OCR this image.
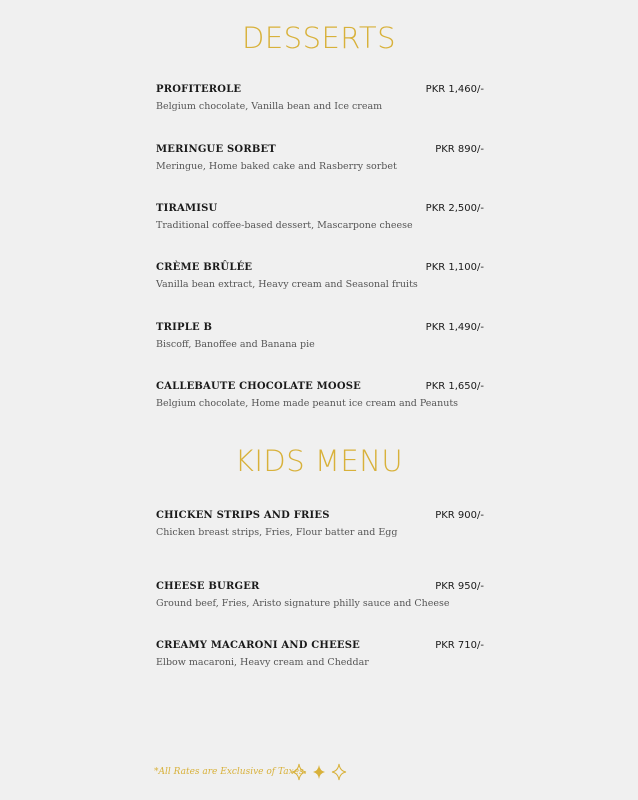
DESSERTS
PROFITEROLE	PKR 1,460/-
Belgium chocolate, Vanilla bean and Ice cream
MERINGUE SORBET	PKR 890/-
Meringue, Home baked cake and Rasberry sorbet
TIRAMISU	PKR 2,500/-
Traditional coffee-based dessert, Mascarpone cheese
CRÈME BRÛLÉE	PKR 1,100/-
Vanilla bean extract, Heavy cream and Seasonal fruits
TRIPLE B	PKR 1,490/-
Biscoff, Banoffee and Banana pie
CALLEBAUTE CHOCOLATE MOOSE	PKR 1,650/-
Belgium chocolate, Home made peanut ice cream and Peanuts
KIDS MENU
CHICKEN STRIPS AND FRIES	PKR 900/-
Chicken breast strips, Fries, Flour batter and Egg
CHEESE BURGER	PKR 950/-
Ground beef, Fries, Aristo signature philly sauce and Cheese
CREAMY MACARONI AND CHEESE	PKR 710/-
Elbow macaroni, Heavy cream and Cheddar
*All Rates are Exclusive of Taxes.
